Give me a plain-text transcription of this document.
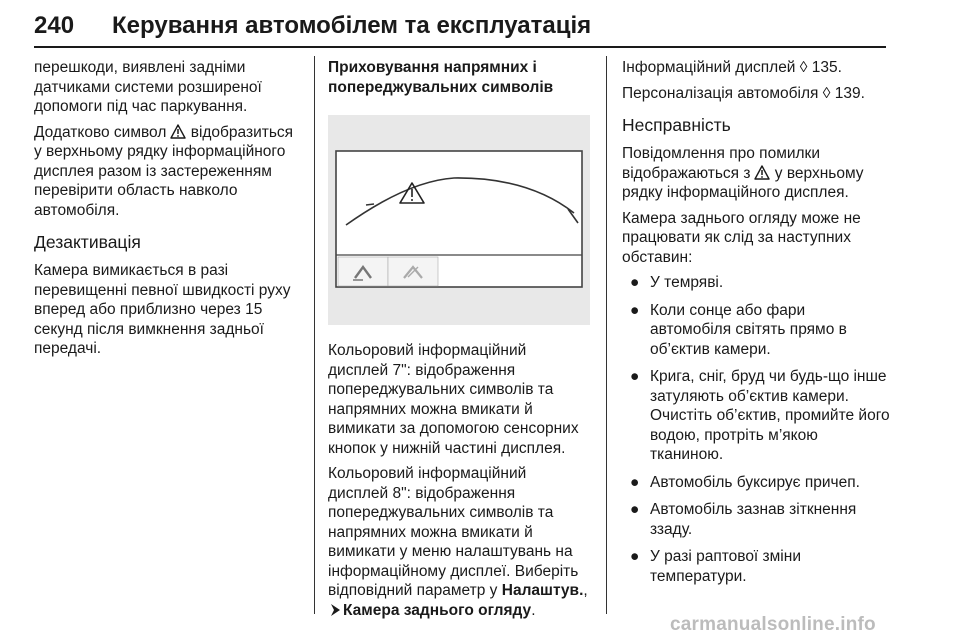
240 Керування автомобілем та експлуатація

перешкоди, виявлені задніми датчиками системи розширеної допомоги під час паркування.

Додатково символ відобразиться у верхньому рядку інформаційного дисплея разом із застереженням перевірити область навколо автомобіля.

Дезактивація

Камера вимикається в разі перевищенні певної швидкості руху вперед або приблизно через 15 секунд після вимкнення задньої передачі.

Приховування напрямних і попереджувальних символів

Кольоровий інформаційний дисплей 7": відображення попереджувальних символів та напрямних можна вмикати й вимикати за допомогою сенсорних кнопок у нижній частині дисплея.

Кольоровий інформаційний дисплей 8": відображення попереджувальних символів та напрямних можна вмикати й вимикати у меню налаштувань на інформаційному дисплеї. Виберіть відповідний параметр у Налаштув.,
Камера заднього огляду.

Інформаційний дисплей ◊ 135.

Персоналізація автомобіля ◊ 139.

Несправність

Повідомлення про помилки відображаються з у верхньому рядку інформаційного дисплея.

Камера заднього огляду може не працювати як слід за наступних обставин:

● У темряві.
● Коли сонце або фари автомобіля світять прямо в об’єктив камери.
● Крига, сніг, бруд чи будь-що інше затуляють об’єктив камери. Очистіть об’єктив, промийте його водою, протріть м’якою тканиною.
● Автомобіль буксирує причеп.
● Автомобіль зазнав зіткнення ззаду.
● У разі раптової зміни температури.
carmanualsonline.info
